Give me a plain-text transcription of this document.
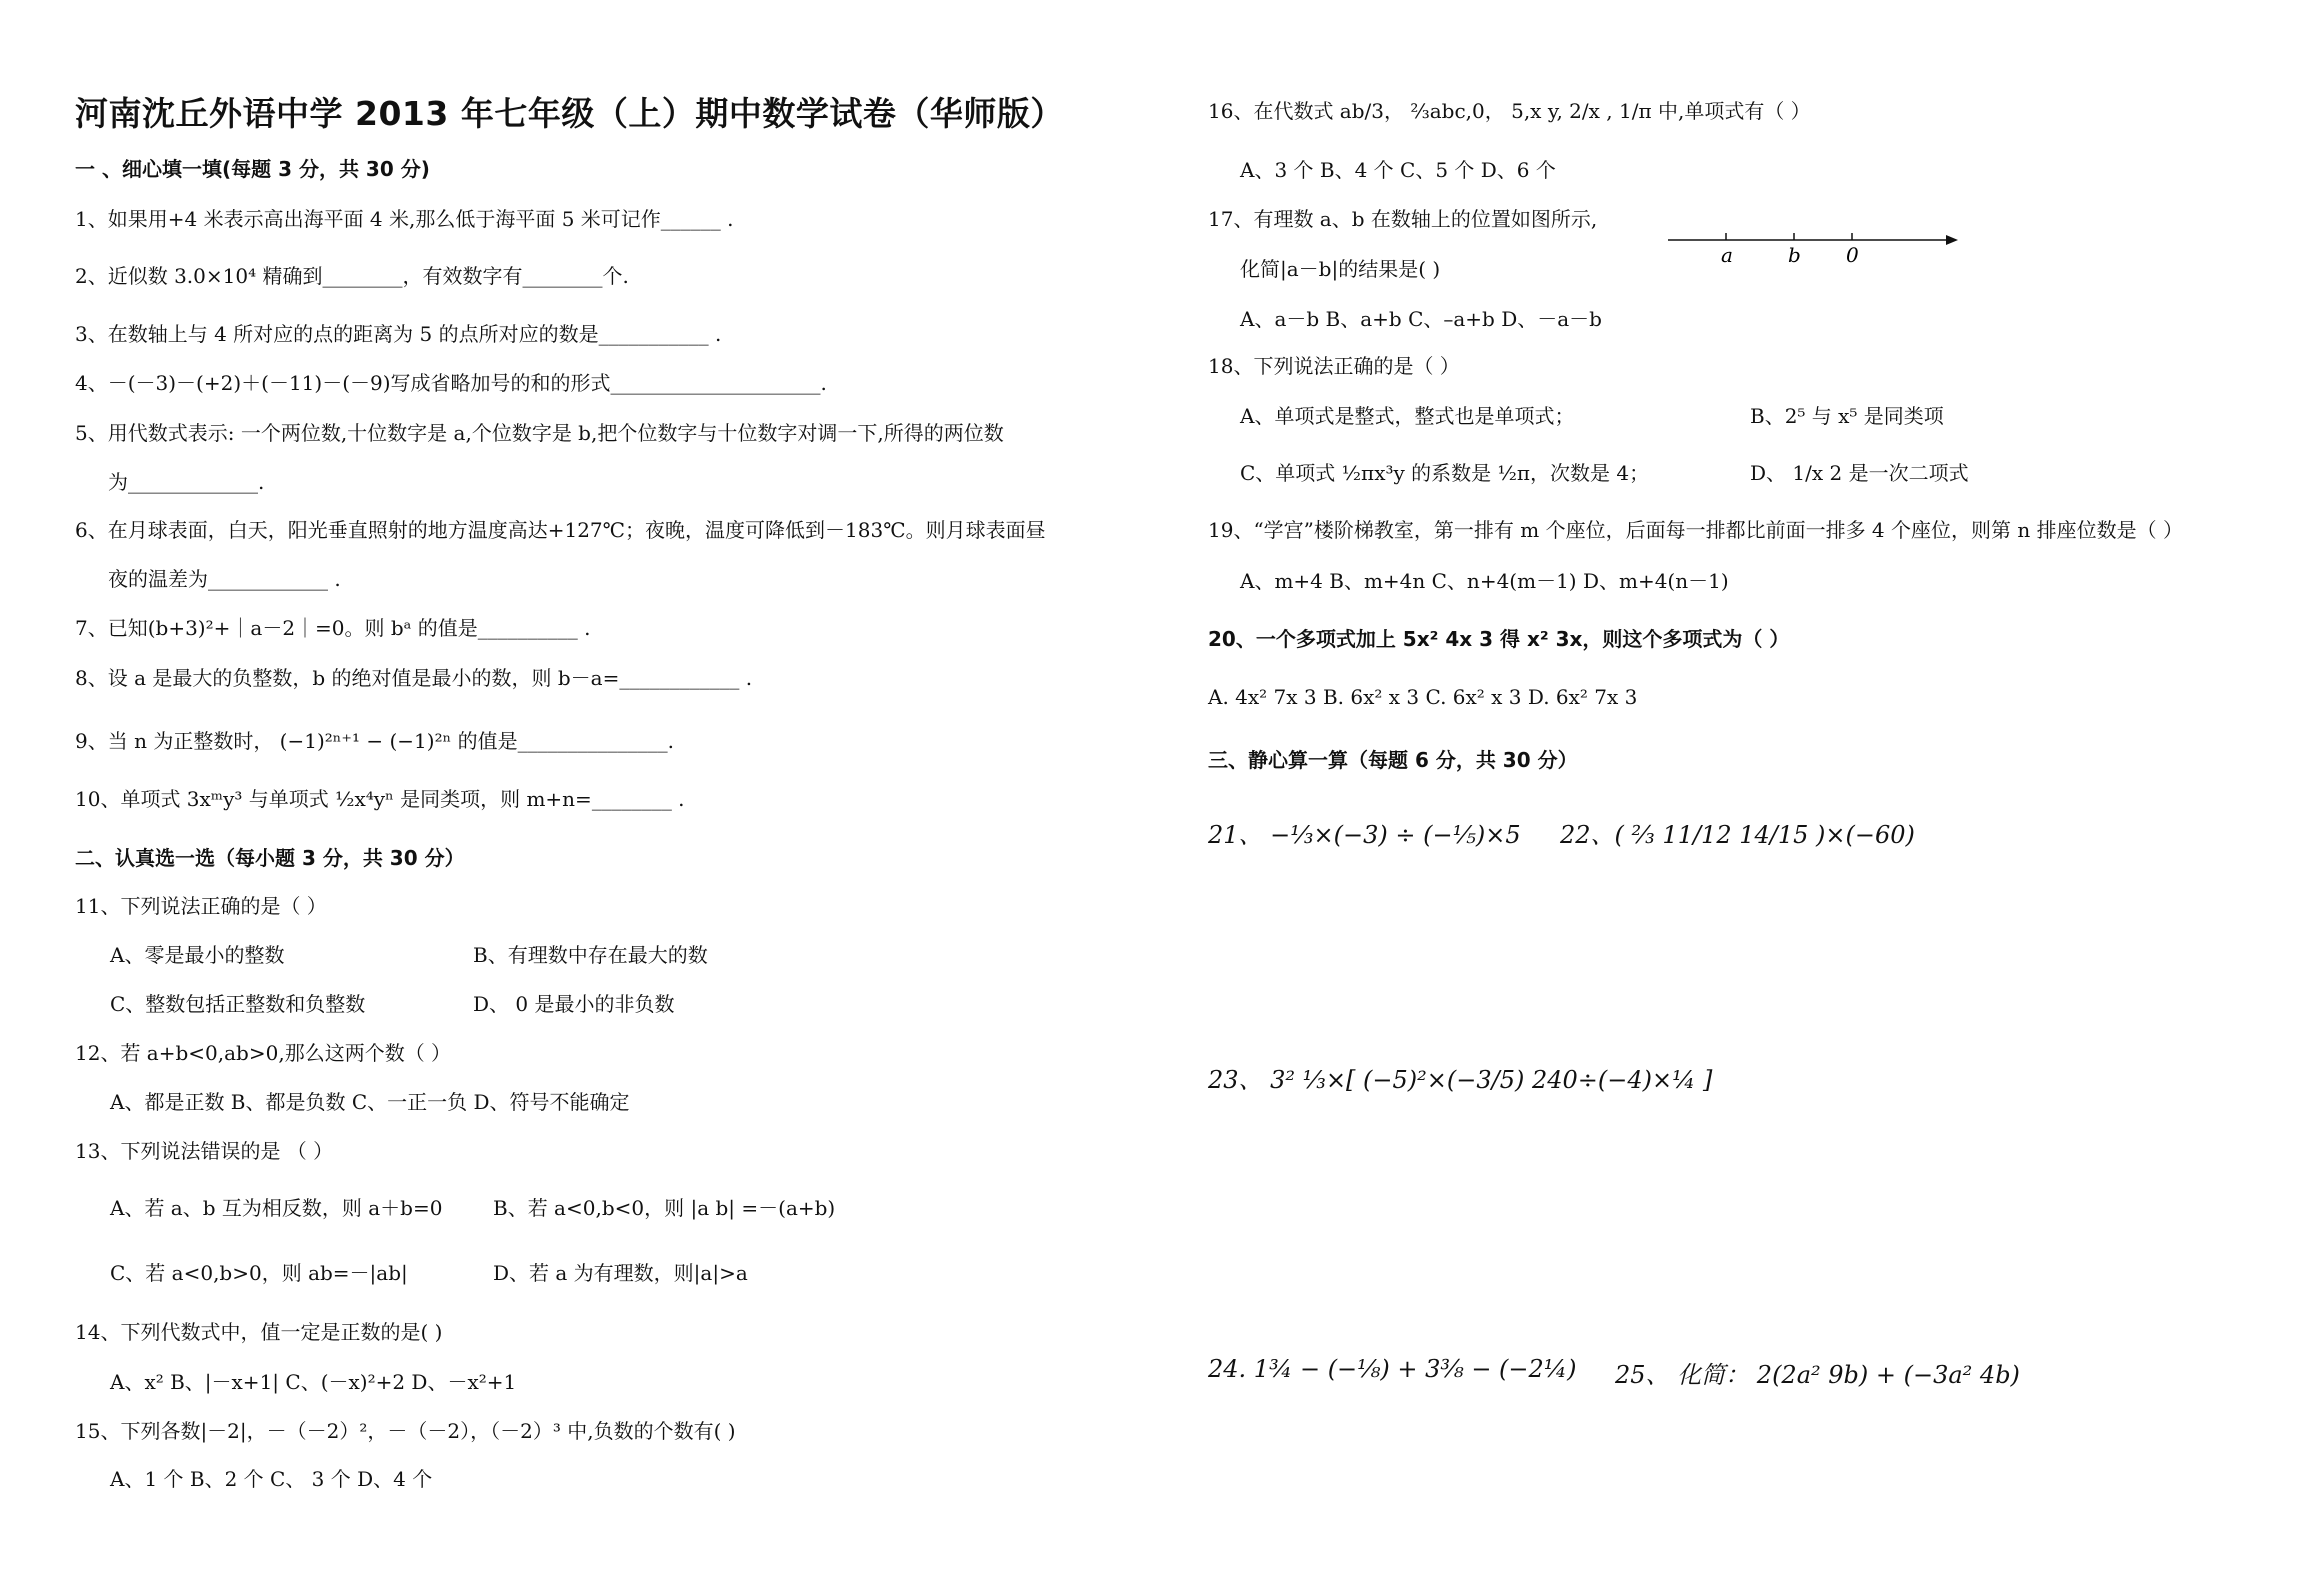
河南沈丘外语中学 2013 年七年级（上）期中数学试卷（华师版）
一 、细心填一填(每题 3 分，共 30 分)
1、如果用+4 米表示高出海平面 4 米,那么低于海平面 5 米可记作______ .
2、近似数 3.0×10⁴ 精确到________，有效数字有________个.
3、在数轴上与 4 所对应的点的距离为 5 的点所对应的数是___________ .
4、－(－3)－(+2)＋(－11)－(－9)写成省略加号的和的形式_____________________.
5、用代数式表示: 一个两位数,十位数字是 a,个位数字是 b,把个位数字与十位数字对调一下,所得的两位数
为_____________.
6、在月球表面，白天，阳光垂直照射的地方温度高达+127℃；夜晚，温度可降低到－183℃。则月球表面昼
夜的温差为____________ .
7、已知(b+3)²+｜a－2｜=0。则 bᵃ 的值是__________ .
8、设 a 是最大的负整数，b 的绝对值是最小的数，则 b－a=____________ .
9、当 n 为正整数时， (−1)²ⁿ⁺¹ − (−1)²ⁿ 的值是_______________.
10、单项式 3xᵐy³ 与单项式 ½x⁴yⁿ 是同类项，则 m+n=________ .
二、认真选一选（每小题 3 分，共 30 分）
11、下列说法正确的是（ ）
A、零是最小的整数	B、有理数中存在最大的数
C、整数包括正整数和负整数	D、 0 是最小的非负数
12、若 a+b<0,ab>0,那么这两个数（ ）
A、都是正数 B、都是负数 C、一正一负 D、符号不能确定
13、下列说法错误的是 （ ）
A、若 a、b 互为相反数，则 a＋b=0	B、若 a<0,b<0，则 |a b| =－(a+b)
C、若 a<0,b>0，则 ab=－|ab|	D、若 a 为有理数，则|a|>a
14、下列代数式中，值一定是正数的是( )
A、x² B、|－x+1| C、(－x)²+2 D、－x²+1
15、下列各数|－2|，－（－2）²，－（－2），（－2）³ 中,负数的个数有( )
A、1 个 B、2 个 C、 3 个 D、4 个
16、在代数式 ab/3， ⅔abc,0， 5,x y, 2/x , 1/π 中,单项式有（ ）
A、3 个 B、4 个 C、5 个 D、6 个
17、有理数 a、b 在数轴上的位置如图所示,
化简|a－b|的结果是( )
a	b 0
A、a－b B、a+b C、–a+b D、－a－b
18、下列说法正确的是（ ）
A、单项式是整式，整式也是单项式；	B、2⁵ 与 x⁵ 是同类项
C、单项式 ½πx³y 的系数是 ½π，次数是 4；	D、 1/x 2 是一次二项式
19、“学宫”楼阶梯教室，第一排有 m 个座位，后面每一排都比前面一排多 4 个座位，则第 n 排座位数是（ ）
A、m+4 B、m+4n C、n+4(m－1) D、m+4(n－1)
20、一个多项式加上 5x² 4x 3 得 x² 3x，则这个多项式为（ ）
A. 4x² 7x 3 B. 6x² x 3 C. 6x² x 3 D. 6x² 7x 3
三、静心算一算（每题 6 分，共 30 分）
21、 −⅓×(−3) ÷ (−⅕)×5 22、( ⅔ 11/12 14/15 )×(−60)
23、 3² ⅓×[ (−5)²×(−3/5) 240÷(−4)×¼ ]
24. 1¾ − (−⅛) + 3⅜ − (−2¼) 25、 化简： 2(2a² 9b) + (−3a² 4b)
